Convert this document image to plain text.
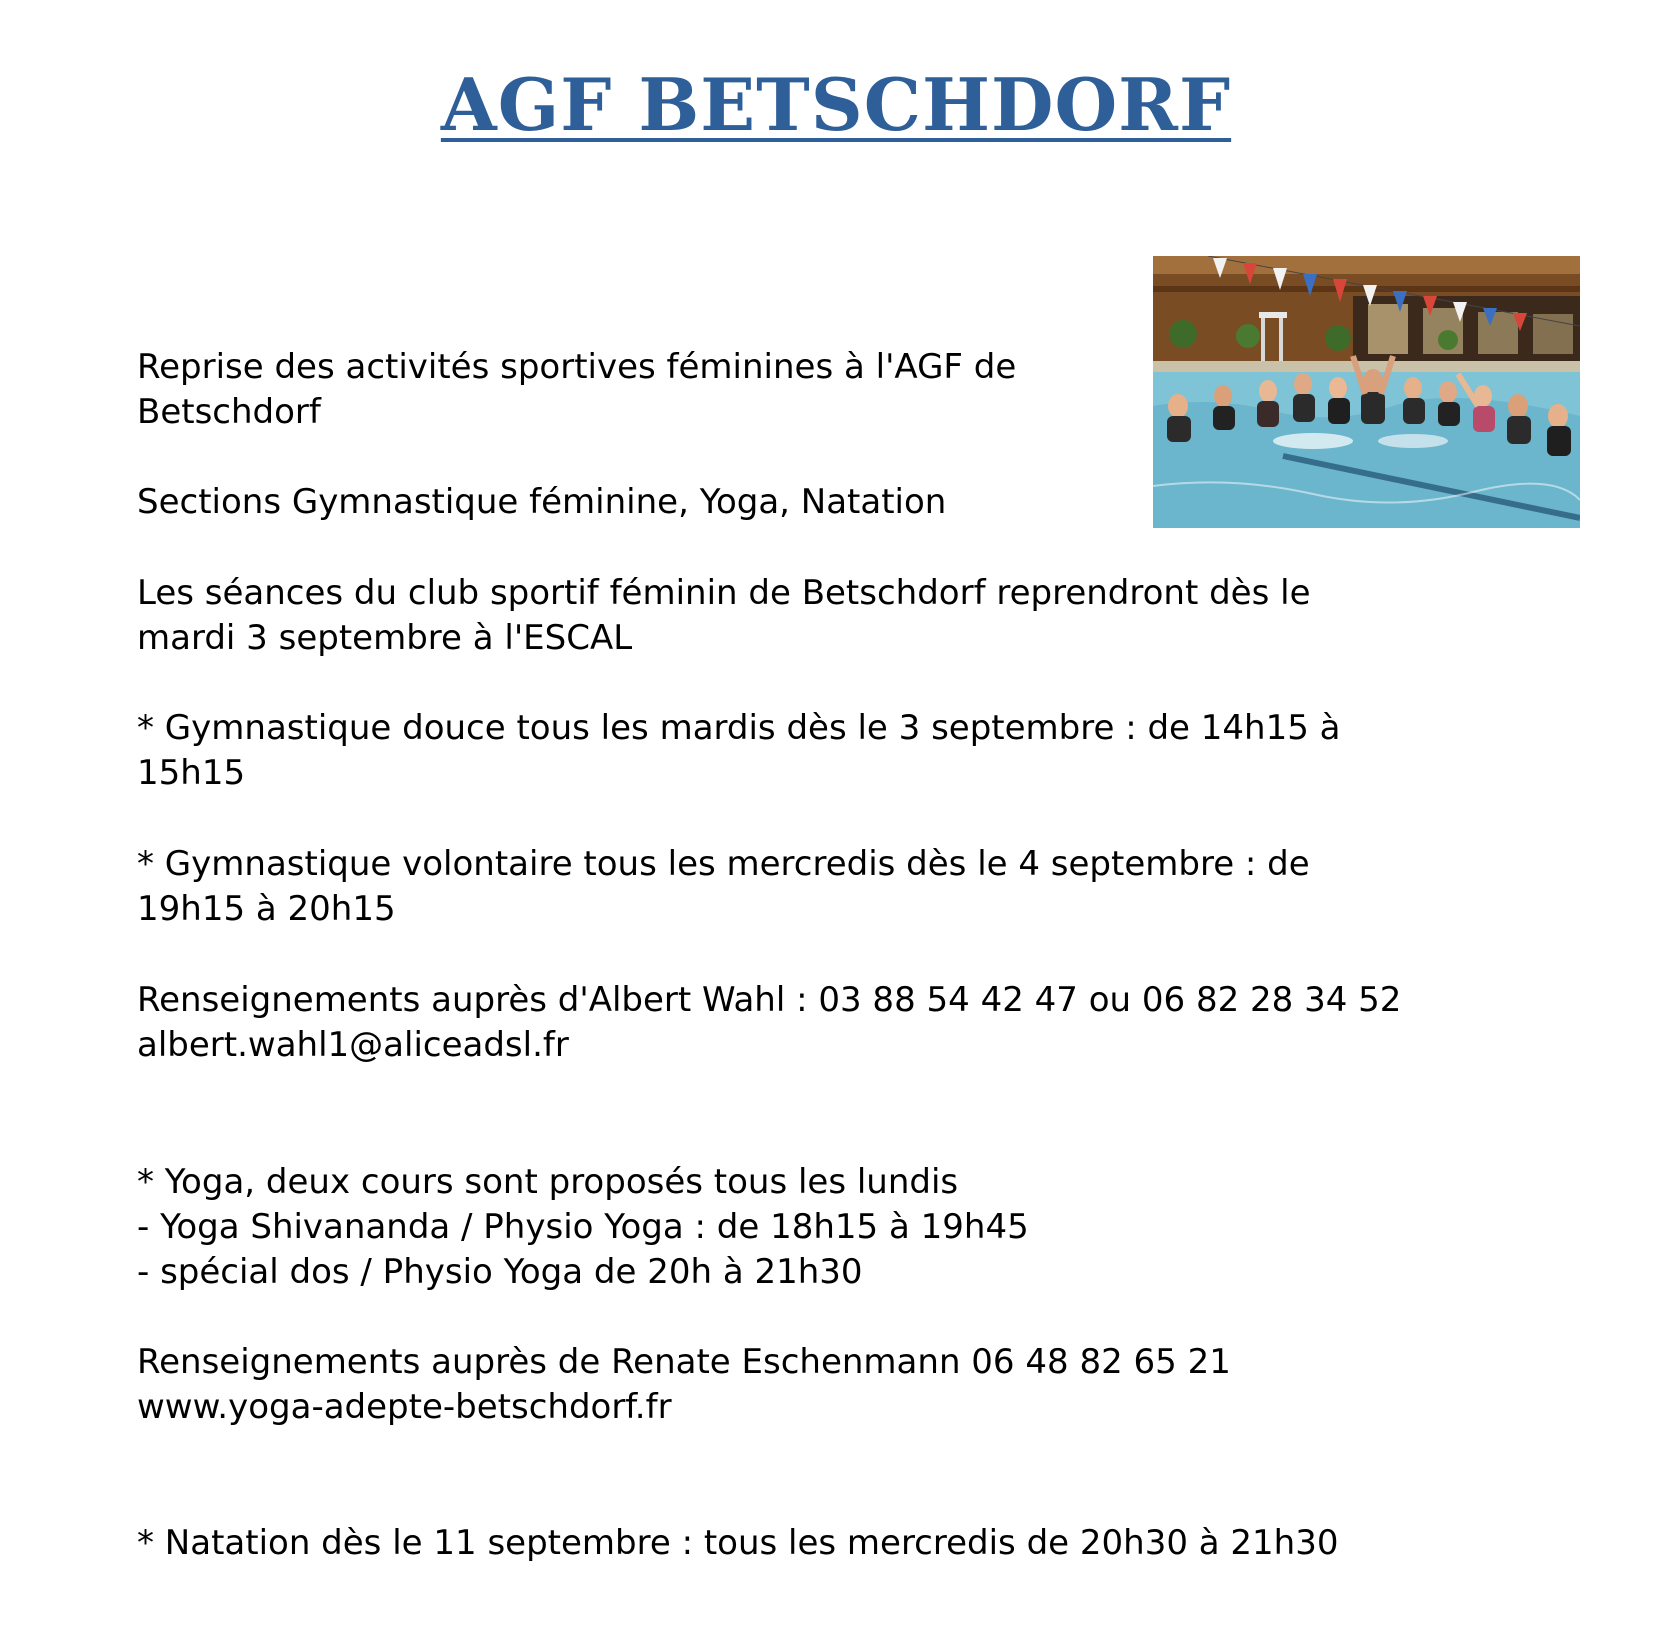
AGF BETSCHDORF
Reprise des activités sportives féminines à l'AGF de
Betschdorf
Sections Gymnastique féminine, Yoga, Natation
Les séances du club sportif féminin de Betschdorf reprendront dès le
mardi 3 septembre à l'ESCAL
* Gymnastique douce tous les mardis dès le 3 septembre : de 14h15 à
15h15
* Gymnastique volontaire tous les mercredis dès le 4 septembre : de
19h15 à 20h15
Renseignements auprès d'Albert Wahl : 03 88 54 42 47 ou 06 82 28 34 52
albert.wahl1@aliceadsl.fr
* Yoga, deux cours sont proposés tous les lundis
- Yoga Shivananda / Physio Yoga : de 18h15 à 19h45
- spécial dos / Physio Yoga de 20h à 21h30
Renseignements auprès de Renate Eschenmann 06 48 82 65 21
www.yoga-adepte-betschdorf.fr
* Natation dès le 11 septembre : tous les mercredis de 20h30 à 21h30
